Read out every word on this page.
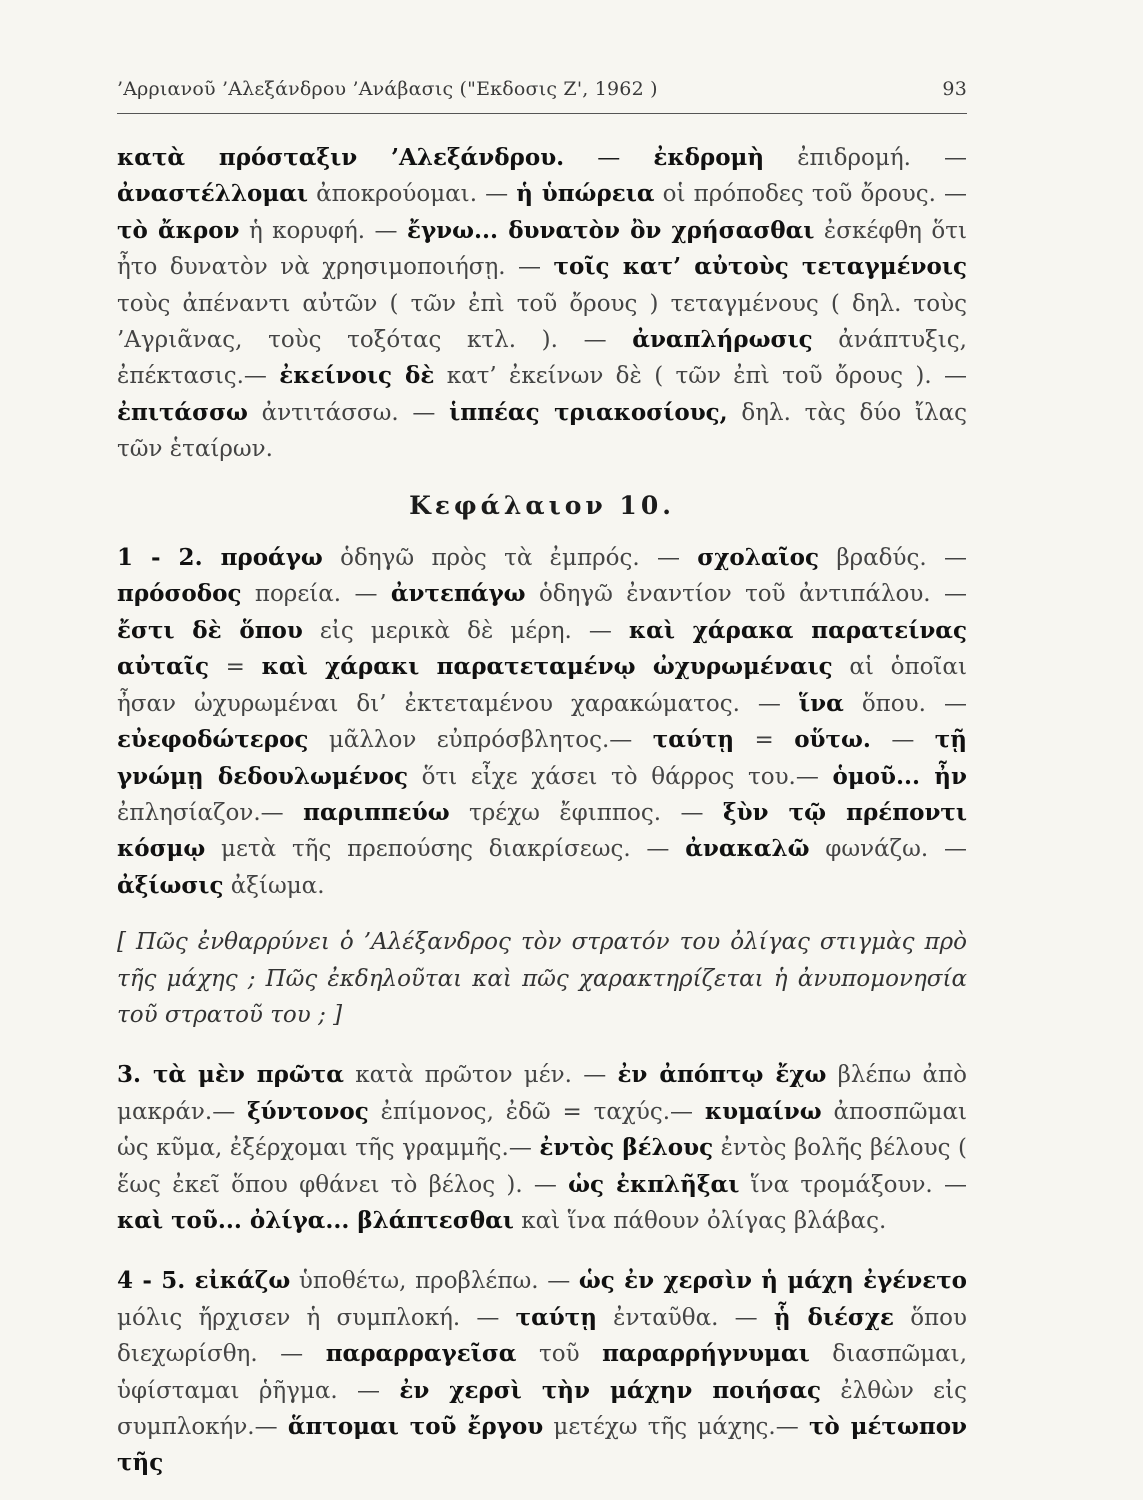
’Αρριανοῦ ’Αλεξάνδρου ’Ανάβασις ("Εκδοσις Ζ', 1962 )	93

κατὰ πρόσταξιν ’Αλεξάνδρου. — ἐκδρομὴ ἐπιδρομή. — ἀναστέλλομαι ἀποκρούομαι. — ἡ ὑπώρεια οἱ πρόποδες τοῦ ὄρους. — τὸ ἄκρον ἡ κορυφή. — ἔγνω... δυνατὸν ὂν χρήσασθαι ἐσκέφθη ὅτι ἦτο δυνατὸν νὰ χρησιμοποιήσῃ. — τοῖς κατ’ αὐτοὺς τεταγμένοις τοὺς ἀπέναντι αὐτῶν ( τῶν ἐπὶ τοῦ ὄρους ) τεταγμένους ( δηλ. τοὺς ’Αγριᾶνας, τοὺς τοξότας κτλ. ). — ἀναπλήρωσις ἀνάπτυξις, ἐπέκτασις.— ἐκείνοις δὲ κατ’ ἐκείνων δὲ ( τῶν ἐπὶ τοῦ ὄρους ). — ἐπιτάσσω ἀντιτάσσω. — ἱππέας τριακοσίους, δηλ. τὰς δύο ἴλας τῶν ἑταίρων.

Κεφάλαιον 10.

1 - 2. προάγω ὁδηγῶ πρὸς τὰ ἐμπρός. — σχολαῖος βραδύς. — πρόσοδος πορεία. — ἀντεπάγω ὁδηγῶ ἐναντίον τοῦ ἀντιπάλου. — ἔστι δὲ ὅπου εἰς μερικὰ δὲ μέρη. — καὶ χάρακα παρατείνας αὐταῖς = καὶ χάρακι παρατεταμένῳ ὠχυρωμέναις αἱ ὁποῖαι ἦσαν ὠχυρωμέναι δι’ ἐκτεταμένου χαρακώματος. — ἵνα ὅπου. — εὐεφοδώτερος μᾶλλον εὐπρόσβλητος.— ταύτῃ = οὕτω. — τῇ γνώμῃ δεδουλωμένος ὅτι εἶχε χάσει τὸ θάρρος του.— ὁμοῦ... ἦν ἐπλησίαζον.— παριππεύω τρέχω ἔφιππος. — ξὺν τῷ πρέποντι κόσμῳ μετὰ τῆς πρεπούσης διακρίσεως. — ἀνακαλῶ φωνάζω. — ἀξίωσις ἀξίωμα.

[ Πῶς ἐνθαρρύνει ὁ ’Αλέξανδρος τὸν στρατόν του ὀλίγας στιγμὰς πρὸ τῆς μάχης ; Πῶς ἐκδηλοῦται καὶ πῶς χαρακτηρίζεται ἡ ἀνυπομονησία τοῦ στρατοῦ του ; ]

3. τὰ μὲν πρῶτα κατὰ πρῶτον μέν. — ἐν ἀπόπτῳ ἔχω βλέπω ἀπὸ μακράν.— ξύντονος ἐπίμονος, ἐδῶ = ταχύς.— κυμαίνω ἀποσπῶμαι ὡς κῦμα, ἐξέρχομαι τῆς γραμμῆς.— ἐντὸς βέλους ἐντὸς βολῆς βέλους ( ἕως ἐκεῖ ὅπου φθάνει τὸ βέλος ). — ὡς ἐκπλῆξαι ἵνα τρομάξουν. — καὶ τοῦ... ὀλίγα... βλάπτεσθαι καὶ ἵνα πάθουν ὀλίγας βλάβας.

4 - 5. εἰκάζω ὑποθέτω, προβλέπω. — ὡς ἐν χερσὶν ἡ μάχη ἐγένετο μόλις ἤρχισεν ἡ συμπλοκή. — ταύτῃ ἐνταῦθα. — ᾗ διέσχε ὅπου διεχωρίσθη. — παραρραγεῖσα τοῦ παραρρήγνυμαι διασπῶμαι, ὑφίσταμαι ῥῆγμα. — ἐν χερσὶ τὴν μάχην ποιήσας ἐλθὼν εἰς συμπλοκήν.— ἅπτομαι τοῦ ἔργου μετέχω τῆς μάχης.— τὸ μέτωπον τῆς
